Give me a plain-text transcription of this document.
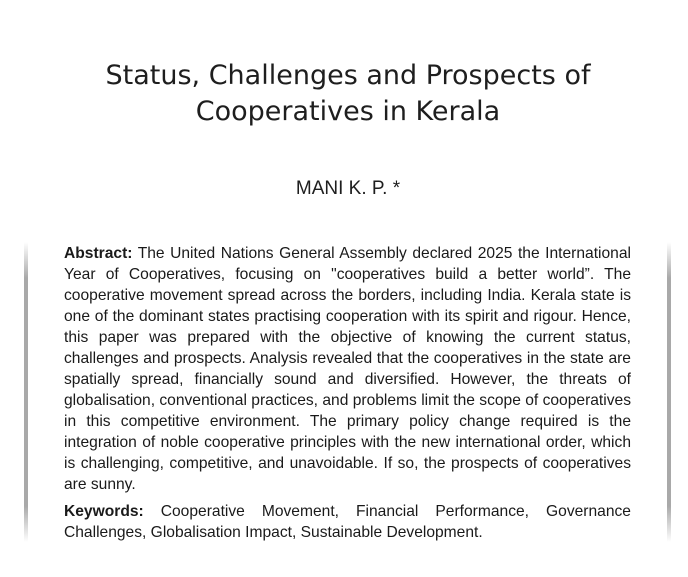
Status, Challenges and Prospects of
Cooperatives in Kerala
MANI K. P. *

Abstract: The United Nations General Assembly declared 2025 the International Year of Cooperatives, focusing on "cooperatives build a better world”. The cooperative movement spread across the borders, including India. Kerala state is one of the dominant states practising cooperation with its spirit and rigour. Hence, this paper was prepared with the objective of knowing the current status, challenges and prospects. Analysis revealed that the cooperatives in the state are spatially spread, financially sound and diversified. However, the threats of globalisation, conventional practices, and problems limit the scope of cooperatives in this competitive environment. The primary policy change required is the integration of noble cooperative principles with the new international order, which is challenging, competitive, and unavoidable. If so, the prospects of cooperatives are sunny.

Keywords: Cooperative Movement, Financial Performance, Governance Challenges, Globalisation Impact, Sustainable Development.
